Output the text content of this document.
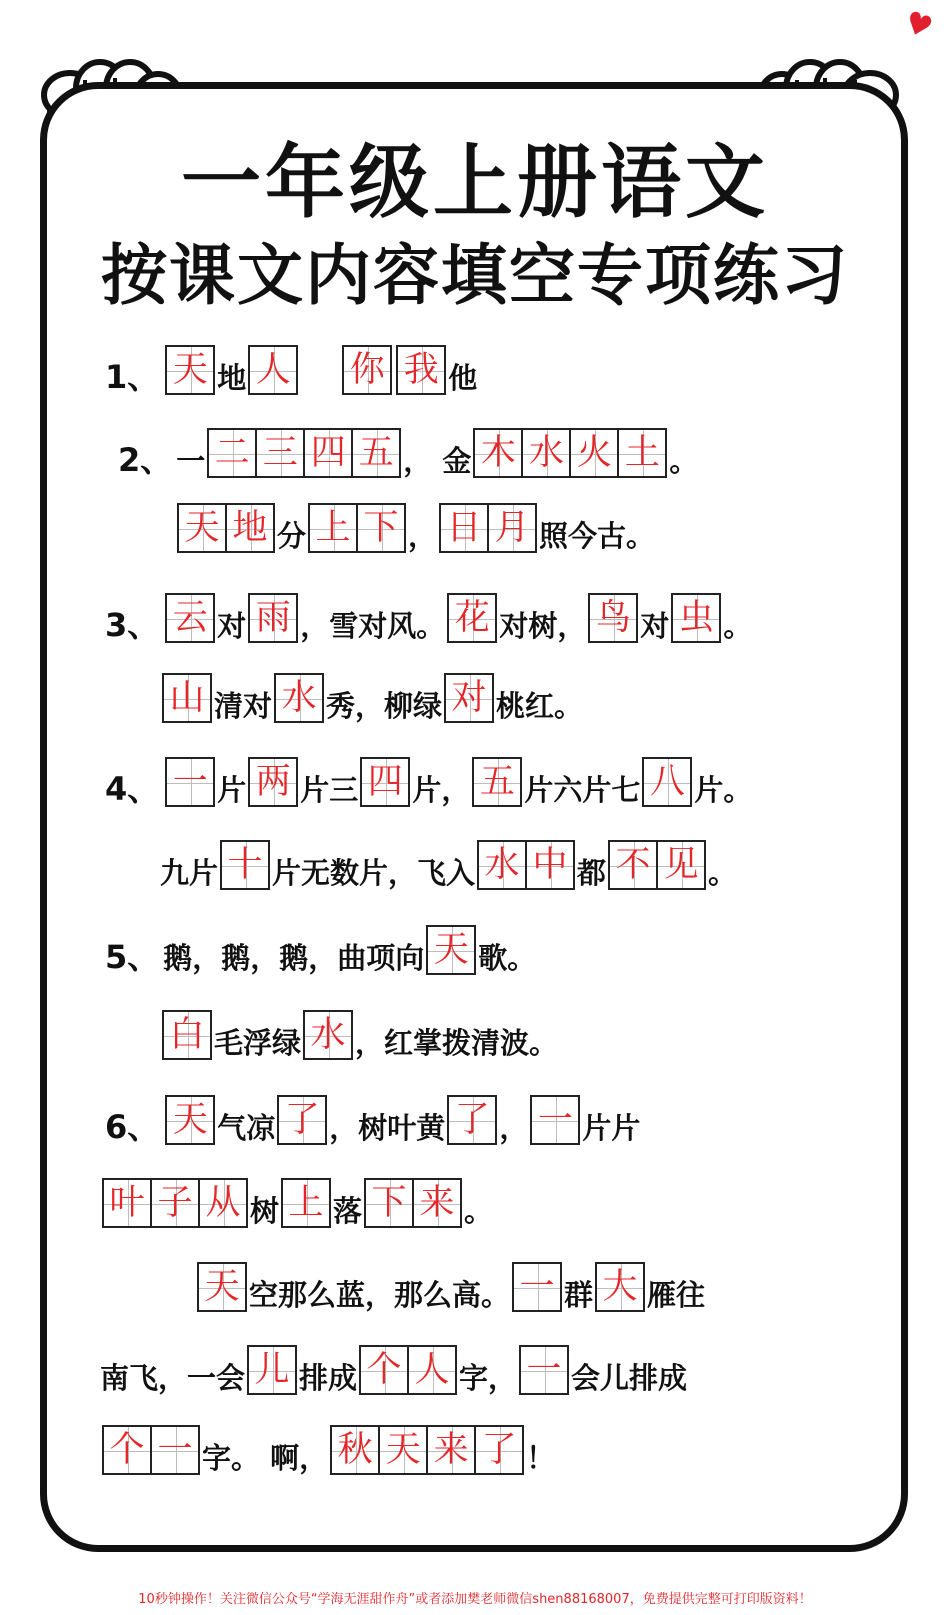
♥
一年级上册语文
按课文内容填空专项练习
1、 天 地 人 你 我 他
2、 一 二 三 四 五 ， 金 木 水 火 土 。
天 地 分 上 下 ， 日 月 照今古。
3、 云 对 雨 ，雪对风。 花 对树， 鸟 对 虫 。
山 清对 水 秀，柳绿 对 桃红。
4、 一 片 两 片三 四 片， 五 片六片七 八 片。
九片 十 片无数片，飞入 水 中 都 不 见 。
5、 鹅，鹅，鹅，曲项向 天 歌。
白 毛浮绿 水 ，红掌拨清波。
6、 天 气凉 了 ，树叶黄 了 ， 一 片片
叶 子 从 树 上 落 下 来 。
天 空那么蓝，那么高。 一 群 大 雁往
南飞，一会 儿 排成 个 人 字， 一 会儿排成
个 一 字。 啊， 秋 天 来 了 ！
10秒钟操作！关注微信公众号“学海无涯甜作舟”或者添加樊老师微信shen88168007，免费提供完整可打印版资料！
